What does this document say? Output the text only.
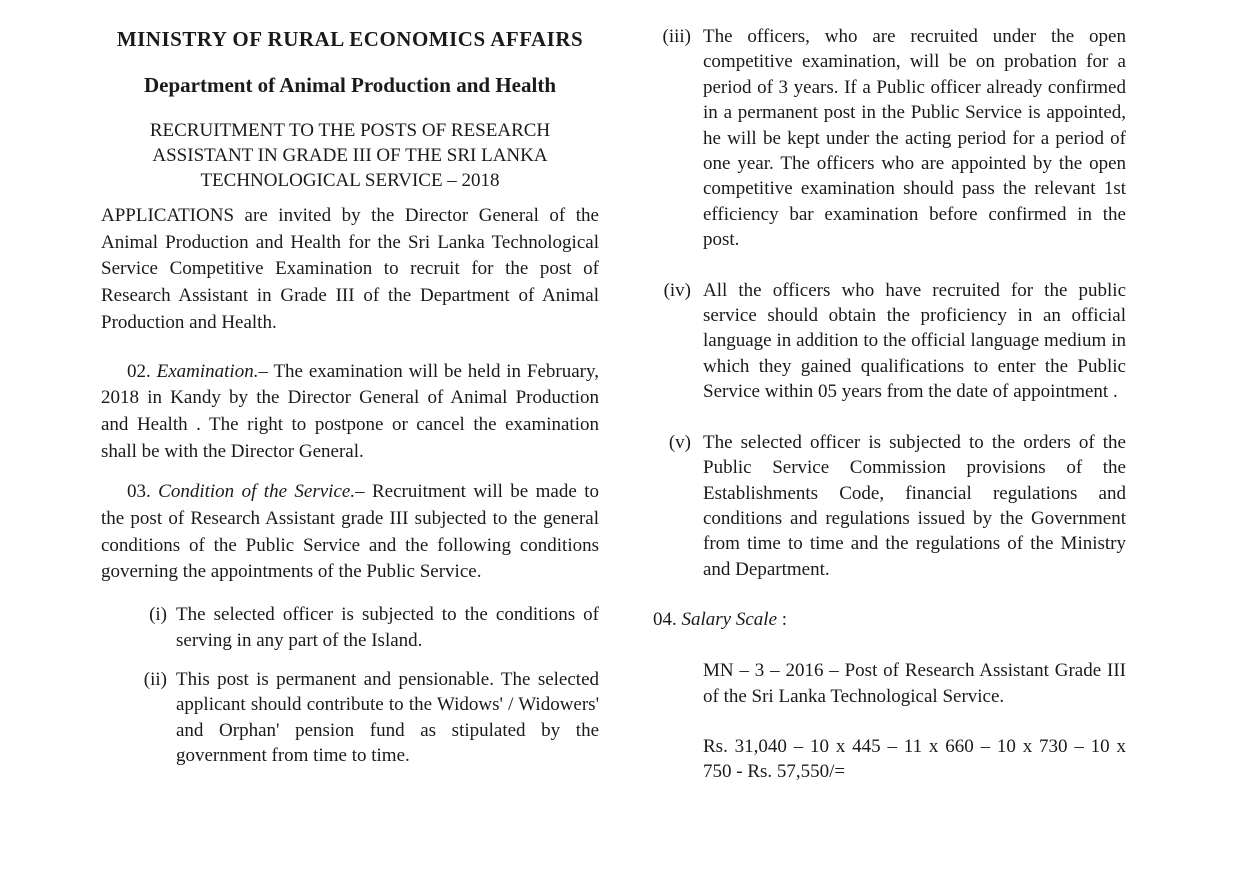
MINISTRY OF RURAL ECONOMICS AFFAIRS

Department of Animal Production and Health

RECRUITMENT TO THE POSTS OF RESEARCH ASSISTANT IN GRADE III OF THE SRI LANKA TECHNOLOGICAL SERVICE – 2018

APPLICATIONS are invited by the Director General of the Animal Production and Health for the Sri Lanka Technological Service Competitive Examination to recruit for the post of Research Assistant in Grade III of the Department of Animal Production and Health.

02. Examination.– The examination will be held in February, 2018 in Kandy by the Director General of Animal Production and Health . The right to postpone or cancel the examination shall be with the Director General.

03. Condition of the Service.– Recruitment will be made to the post of Research Assistant grade III subjected to the general conditions of the Public Service and the following conditions governing the appointments of the Public Service.

(i) The selected officer is subjected to the conditions of serving in any part of the Island.
(ii) This post is permanent and pensionable. The selected applicant should contribute to the Widows' / Widowers' and Orphan' pension fund as stipulated by the government from time to time.
(iii) The officers, who are recruited under the open competitive examination, will be on probation for a period of 3 years. If a Public officer already confirmed in a permanent post in the Public Service is appointed, he will be kept under the acting period for a period of one year. The officers who are appointed by the open competitive examination should pass the relevant 1st efficiency bar examination before confirmed in the post.
(iv) All the officers who have recruited for the public service should obtain the proficiency in an official language in addition to the official language medium in which they gained qualifications to enter the Public Service within 05 years from the date of appointment .
(v) The selected officer is subjected to the orders of the Public Service Commission provisions of the Establishments Code, financial regulations and conditions and regulations issued by the Government from time to time and the regulations of the Ministry and Department.

04. Salary Scale :

MN – 3 – 2016 – Post of Research Assistant Grade III of the Sri Lanka Technological Service.

Rs. 31,040 – 10 x 445 – 11 x 660 – 10 x 730 – 10 x 750 - Rs. 57,550/=
